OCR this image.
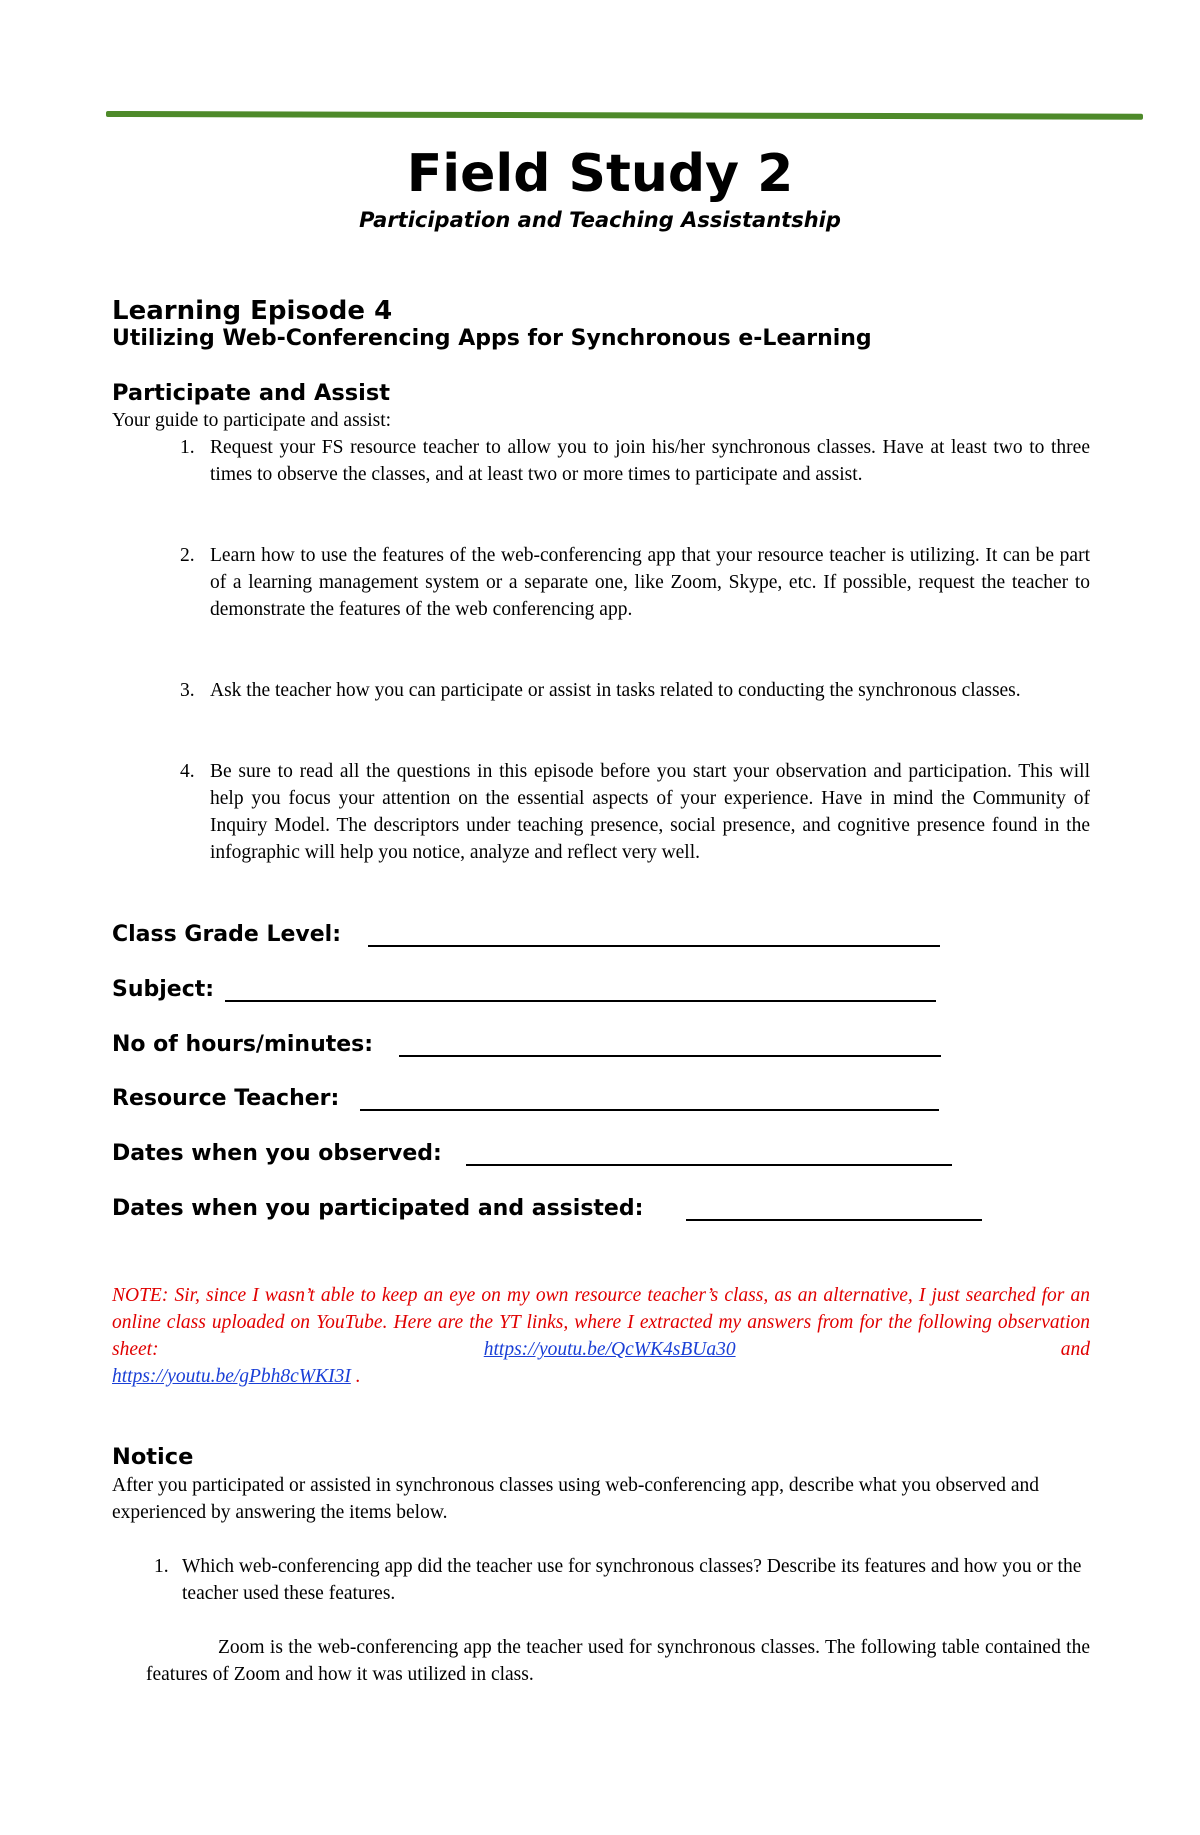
Field Study 2
Participation and Teaching Assistantship
Learning Episode 4
Utilizing Web-Conferencing Apps for Synchronous e-Learning
Participate and Assist
Your guide to participate and assist:
1. Request your FS resource teacher to allow you to join his/her synchronous classes. Have at least two to three times to observe the classes, and at least two or more times to participate and assist.
2. Learn how to use the features of the web-conferencing app that your resource teacher is utilizing. It can be part of a learning management system or a separate one, like Zoom, Skype, etc. If possible, request the teacher to demonstrate the features of the web conferencing app.
3. Ask the teacher how you can participate or assist in tasks related to conducting the synchronous classes.
4. Be sure to read all the questions in this episode before you start your observation and participation. This will help you focus your attention on the essential aspects of your experience. Have in mind the Community of Inquiry Model. The descriptors under teaching presence, social presence, and cognitive presence found in the infographic will help you notice, analyze and reflect very well.
Class Grade Level:
Subject:
No of hours/minutes:
Resource Teacher:
Dates when you observed:
Dates when you participated and assisted:
NOTE: Sir, since I wasn’t able to keep an eye on my own resource teacher’s class, as an alternative, I just searched for an online class uploaded on YouTube. Here are the YT links, where I extracted my answers from for the following observation sheet:	https://youtu.be/QcWK4sBUa30	and
https://youtu.be/gPbh8cWKI3I .
Notice
After you participated or assisted in synchronous classes using web-conferencing app, describe what you observed and experienced by answering the items below.
1. Which web-conferencing app did the teacher use for synchronous classes? Describe its features and how you or the teacher used these features.
Zoom is the web-conferencing app the teacher used for synchronous classes. The following table contained the features of Zoom and how it was utilized in class.
